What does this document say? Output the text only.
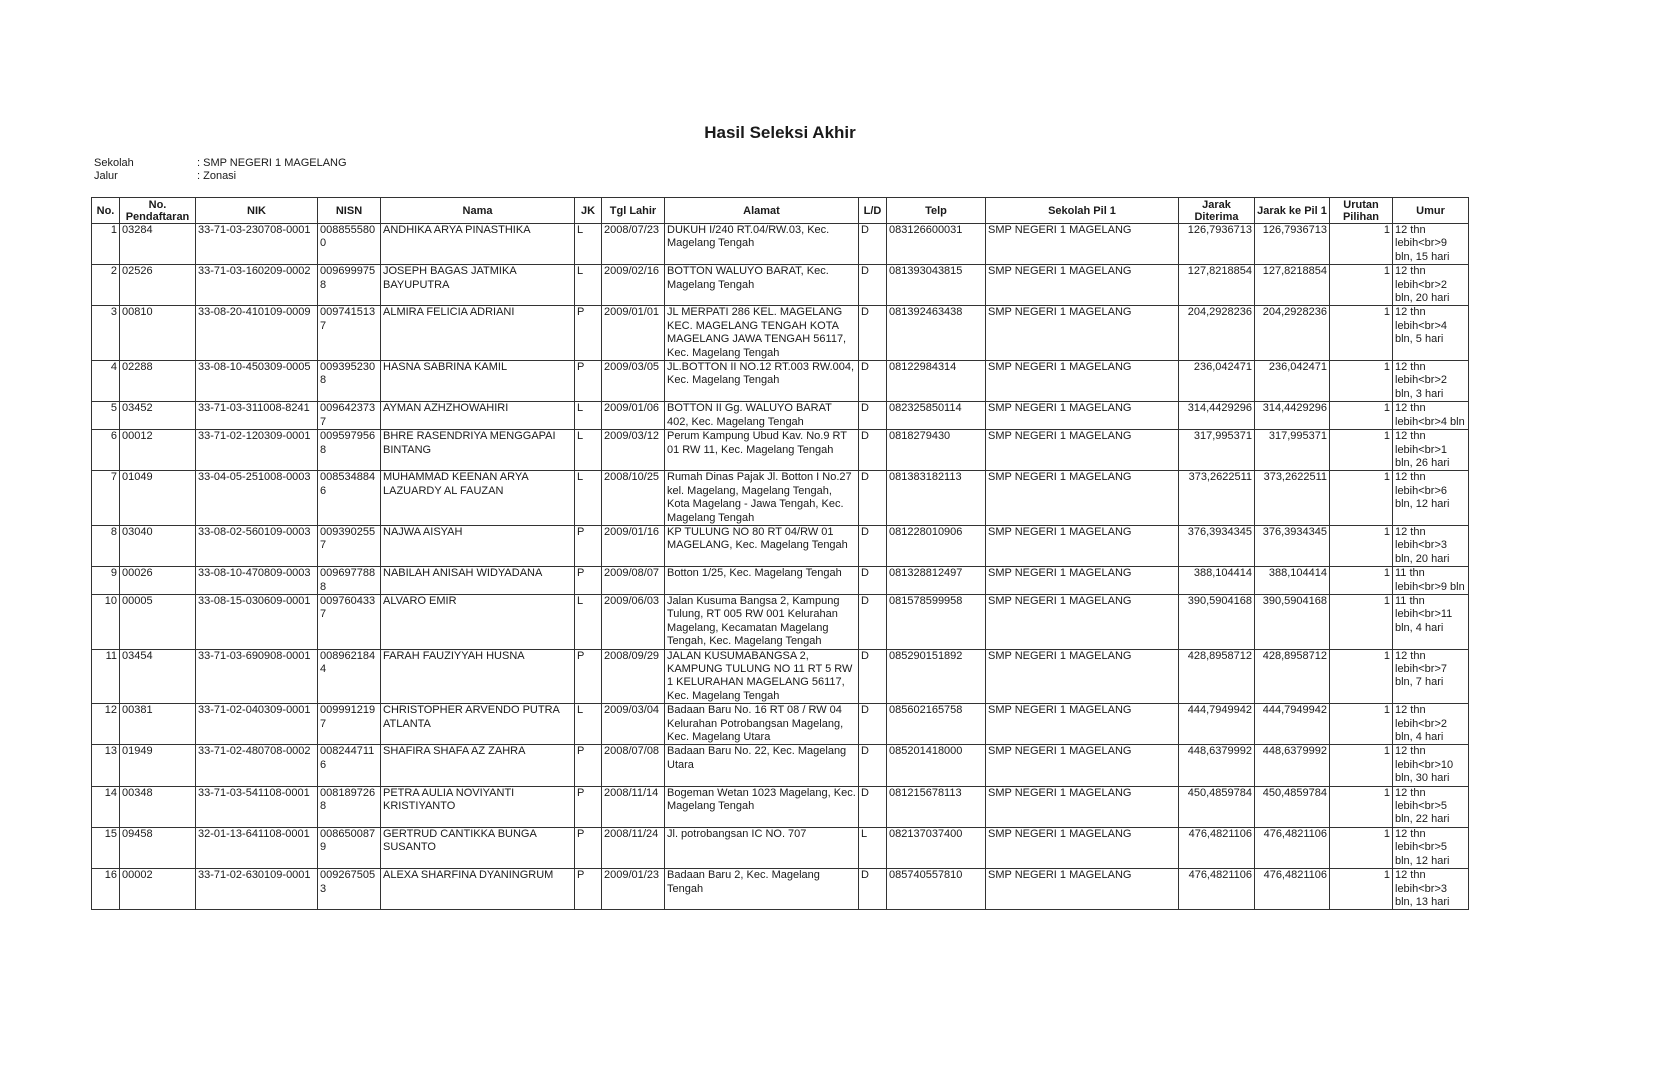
Hasil Seleksi Akhir
Sekolah	: SMP NEGERI 1 MAGELANG
Jalur	: Zonasi
No.	No. Pendaftaran	NIK	NISN	Nama	JK	Tgl Lahir	Alamat	L/D	Telp	Sekolah Pil 1	Jarak Diterima	Jarak ke Pil 1	Urutan Pilihan	Umur
1	03284	33-71-03-230708-0001	0088555800	ANDHIKA ARYA PINASTHIKA	L	2008/07/23	DUKUH I/240 RT.04/RW.03, Kec. Magelang Tengah	D	083126600031	SMP NEGERI 1 MAGELANG	126,7936713	126,7936713	1	12 thn lebih<br>9 bln, 15 hari
2	02526	33-71-03-160209-0002	0096999758	JOSEPH BAGAS JATMIKA BAYUPUTRA	L	2009/02/16	BOTTON WALUYO BARAT, Kec. Magelang Tengah	D	081393043815	SMP NEGERI 1 MAGELANG	127,8218854	127,8218854	1	12 thn lebih<br>2 bln, 20 hari
3	00810	33-08-20-410109-0009	0097415137	ALMIRA FELICIA ADRIANI	P	2009/01/01	JL MERPATI 286 KEL. MAGELANG KEC. MAGELANG TENGAH KOTA MAGELANG JAWA TENGAH 56117, Kec. Magelang Tengah	D	081392463438	SMP NEGERI 1 MAGELANG	204,2928236	204,2928236	1	12 thn lebih<br>4 bln, 5 hari
4	02288	33-08-10-450309-0005	0093952308	HASNA SABRINA KAMIL	P	2009/03/05	JL.BOTTON II NO.12 RT.003 RW.004, Kec. Magelang Tengah	D	08122984314	SMP NEGERI 1 MAGELANG	236,042471	236,042471	1	12 thn lebih<br>2 bln, 3 hari
5	03452	33-71-03-311008-8241	0096423737	AYMAN AZHZHOWAHIRI	L	2009/01/06	BOTTON II Gg. WALUYO BARAT 402, Kec. Magelang Tengah	D	082325850114	SMP NEGERI 1 MAGELANG	314,4429296	314,4429296	1	12 thn lebih<br>4 bln
6	00012	33-71-02-120309-0001	0095979568	BHRE RASENDRIYA MENGGAPAI BINTANG	L	2009/03/12	Perum Kampung Ubud Kav. No.9 RT 01 RW 11, Kec. Magelang Tengah	D	0818279430	SMP NEGERI 1 MAGELANG	317,995371	317,995371	1	12 thn lebih<br>1 bln, 26 hari
7	01049	33-04-05-251008-0003	0085348846	MUHAMMAD KEENAN ARYA LAZUARDY AL FAUZAN	L	2008/10/25	Rumah Dinas Pajak Jl. Botton I No.27 kel. Magelang, Magelang Tengah, Kota Magelang - Jawa Tengah, Kec. Magelang Tengah	D	081383182113	SMP NEGERI 1 MAGELANG	373,2622511	373,2622511	1	12 thn lebih<br>6 bln, 12 hari
8	03040	33-08-02-560109-0003	0093902557	NAJWA AISYAH	P	2009/01/16	KP TULUNG NO 80 RT 04/RW 01 MAGELANG, Kec. Magelang Tengah	D	081228010906	SMP NEGERI 1 MAGELANG	376,3934345	376,3934345	1	12 thn lebih<br>3 bln, 20 hari
9	00026	33-08-10-470809-0003	0096977888	NABILAH ANISAH WIDYADANA	P	2009/08/07	Botton 1/25, Kec. Magelang Tengah	D	081328812497	SMP NEGERI 1 MAGELANG	388,104414	388,104414	1	11 thn lebih<br>9 bln
10	00005	33-08-15-030609-0001	0097604337	ALVARO EMIR	L	2009/06/03	Jalan Kusuma Bangsa 2, Kampung Tulung, RT 005 RW 001 Kelurahan Magelang, Kecamatan Magelang Tengah, Kec. Magelang Tengah	D	081578599958	SMP NEGERI 1 MAGELANG	390,5904168	390,5904168	1	11 thn lebih<br>11 bln, 4 hari
11	03454	33-71-03-690908-0001	0089621844	FARAH FAUZIYYAH HUSNA	P	2008/09/29	JALAN KUSUMABANGSA 2, KAMPUNG TULUNG NO 11 RT 5 RW 1 KELURAHAN MAGELANG 56117, Kec. Magelang Tengah	D	085290151892	SMP NEGERI 1 MAGELANG	428,8958712	428,8958712	1	12 thn lebih<br>7 bln, 7 hari
12	00381	33-71-02-040309-0001	0099912197	CHRISTOPHER ARVENDO PUTRA ATLANTA	L	2009/03/04	Badaan Baru No. 16 RT 08 / RW 04 Kelurahan Potrobangsan Magelang, Kec. Magelang Utara	D	085602165758	SMP NEGERI 1 MAGELANG	444,7949942	444,7949942	1	12 thn lebih<br>2 bln, 4 hari
13	01949	33-71-02-480708-0002	0082447116	SHAFIRA SHAFA AZ ZAHRA	P	2008/07/08	Badaan Baru No. 22, Kec. Magelang Utara	D	085201418000	SMP NEGERI 1 MAGELANG	448,6379992	448,6379992	1	12 thn lebih<br>10 bln, 30 hari
14	00348	33-71-03-541108-0001	0081897268	PETRA AULIA NOVIYANTI KRISTIYANTO	P	2008/11/14	Bogeman Wetan 1023 Magelang, Kec. Magelang Tengah	D	081215678113	SMP NEGERI 1 MAGELANG	450,4859784	450,4859784	1	12 thn lebih<br>5 bln, 22 hari
15	09458	32-01-13-641108-0001	0086500879	GERTRUD CANTIKKA BUNGA SUSANTO	P	2008/11/24	Jl. potrobangsan IC NO. 707	L	082137037400	SMP NEGERI 1 MAGELANG	476,4821106	476,4821106	1	12 thn lebih<br>5 bln, 12 hari
16	00002	33-71-02-630109-0001	0092675053	ALEXA SHARFINA DYANINGRUM	P	2009/01/23	Badaan Baru 2, Kec. Magelang Tengah	D	085740557810	SMP NEGERI 1 MAGELANG	476,4821106	476,4821106	1	12 thn lebih<br>3 bln, 13 hari
